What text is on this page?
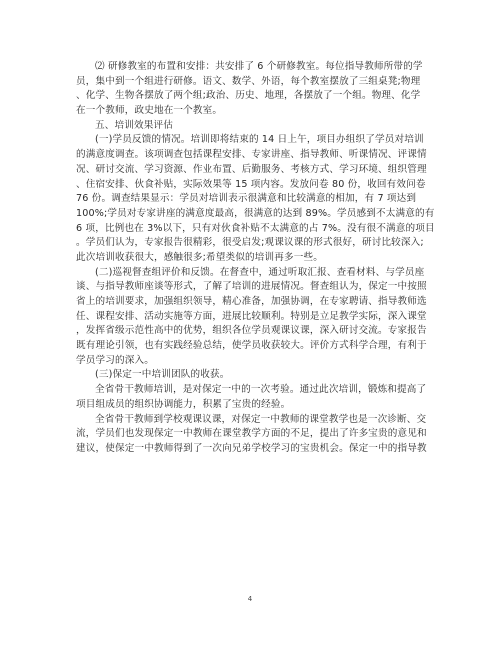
⑵ 研修教室的布置和安排：共安排了 6 个研修教室。每位指导教师所带的学
员，集中到一个组进行研修。语文、数学、外语，每个教室摆放了三组桌凳;物理
、化学、生物各摆放了两个组;政治、历史、地理，各摆放了一个组。物理、化学
在一个教师，政史地在一个教室。
五、培训效果评估
(一)学员反馈的情况。培训即将结束的 14 日上午，项目办组织了学员对培训
的满意度调查。该项调查包括课程安排、专家讲座、指导教师、听课情况、评课情
况、研讨交流、学习资源、作业布置、后勤服务、考核方式、学习环境、组织管理
、住宿安排、伙食补贴，实际效果等 15 项内容。发放问卷 80 份，收回有效问卷
76 份。调查结果显示：学员对培训表示很满意和比较满意的相加，有 7 项达到
100%;学员对专家讲座的满意度最高，很满意的达到 89%。学员感到不太满意的有
6 项，比例也在 3%以下，只有对伙食补贴不太满意的占 7%。没有很不满意的项目
。学员们认为，专家报告很精彩，很受启发;观课议课的形式很好，研讨比较深入;
此次培训收获很大，感触很多;希望类似的培训再多一些。
(二)巡视督查组评价和反馈。在督查中，通过听取汇报、查看材料、与学员座
谈、与指导教师座谈等形式，了解了培训的进展情况。督查组认为，保定一中按照
省上的培训要求，加强组织领导，精心准备，加强协调，在专家聘请、指导教师选
任、课程安排、活动实施等方面，进展比较顺利。特别是立足教学实际，深入课堂
，发挥省级示范性高中的优势，组织各位学员观课议课，深入研讨交流。专家报告
既有理论引领，也有实践经验总结，使学员收获较大。评价方式科学合理，有利于
学员学习的深入。
(三)保定一中培训团队的收获。
全省骨干教师培训，是对保定一中的一次考验。通过此次培训，锻炼和提高了
项目组成员的组织协调能力，积累了宝贵的经验。
全省骨干教师到学校观课议课，对保定一中教师的课堂教学也是一次诊断、交
流，学员们也发现保定一中教师在课堂教学方面的不足，提出了许多宝贵的意见和
建议，使保定一中教师得到了一次向兄弟学校学习的宝贵机会。保定一中的指导教
4
